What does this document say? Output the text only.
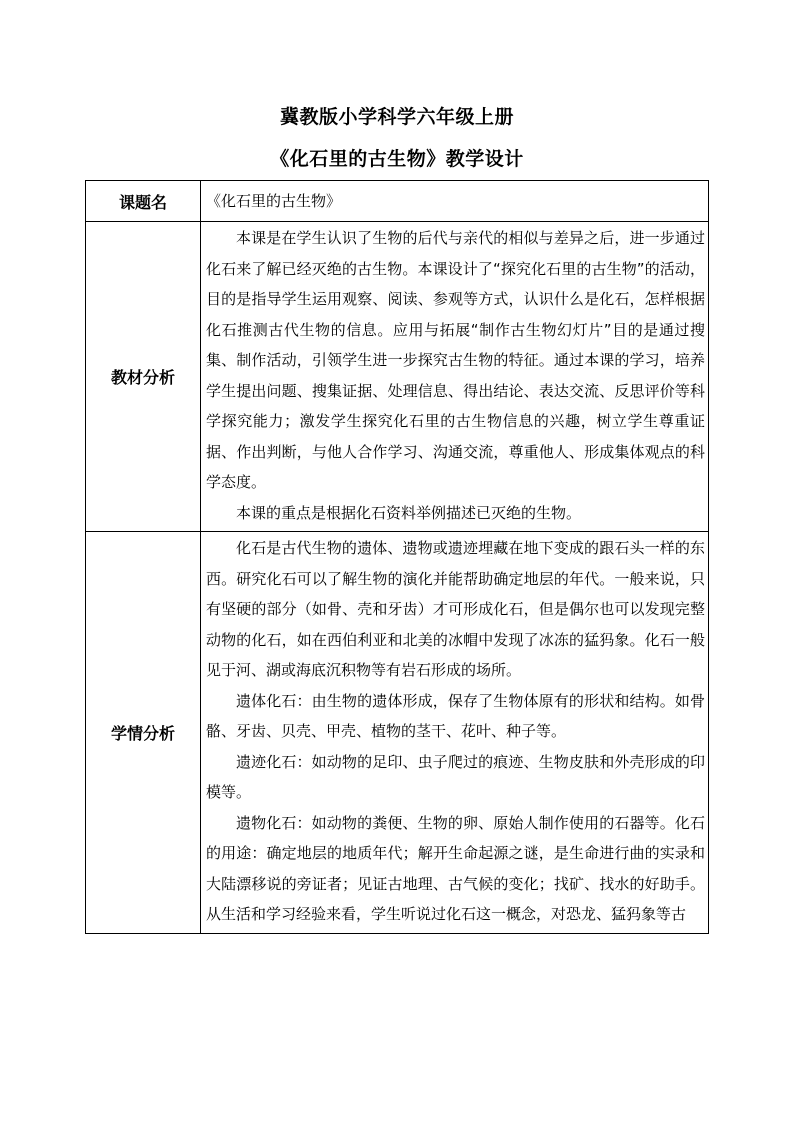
冀教版小学科学六年级上册
《化石里的古生物》教学设计
课题名	《化石里的古生物》

教材分析	本课是在学生认识了生物的后代与亲代的相似与差异之后，进一步通过化石来了解已经灭绝的古生物。本课设计了“探究化石里的古生物”的活动，目的是指导学生运用观察、阅读、参观等方式，认识什么是化石，怎样根据化石推测古代生物的信息。应用与拓展“制作古生物幻灯片”目的是通过搜集、制作活动，引领学生进一步探究古生物的特征。通过本课的学习，培养学生提出问题、搜集证据、处理信息、得出结论、表达交流、反思评价等科学探究能力；激发学生探究化石里的古生物信息的兴趣，树立学生尊重证据、作出判断，与他人合作学习、沟通交流，尊重他人、形成集体观点的科学态度。

本课的重点是根据化石资料举例描述已灭绝的生物。

学情分析	化石是古代生物的遗体、遗物或遗迹埋藏在地下变成的跟石头一样的东西。研究化石可以了解生物的演化并能帮助确定地层的年代。一般来说，只有坚硬的部分（如骨、壳和牙齿）才可形成化石，但是偶尔也可以发现完整动物的化石，如在西伯利亚和北美的冰帽中发现了冰冻的猛犸象。化石一般见于河、湖或海底沉积物等有岩石形成的场所。

遗体化石：由生物的遗体形成，保存了生物体原有的形状和结构。如骨骼、牙齿、贝壳、甲壳、植物的茎干、花叶、种子等。

遗迹化石：如动物的足印、虫子爬过的痕迹、生物皮肤和外壳形成的印模等。

遗物化石：如动物的粪便、生物的卵、原始人制作使用的石器等。化石的用途：确定地层的地质年代；解开生命起源之谜，是生命进行曲的实录和大陆漂移说的旁证者；见证古地理、古气候的变化；找矿、找水的好助手。从生活和学习经验来看，学生听说过化石这一概念，对恐龙、猛犸象等古
